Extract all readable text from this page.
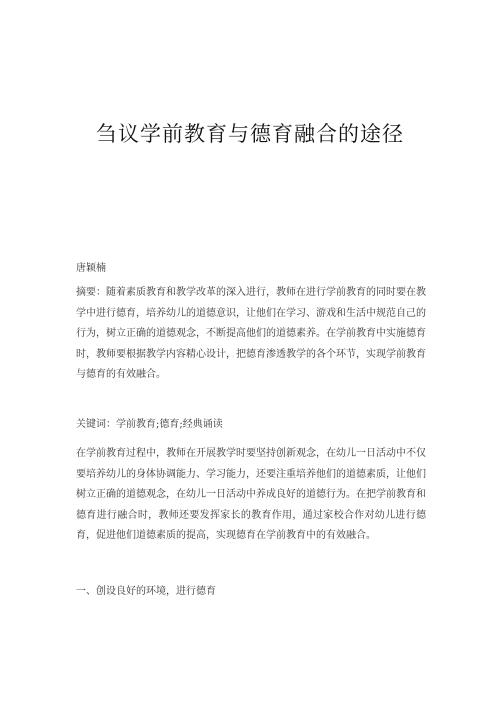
刍议学前教育与德育融合的途径
唐颖楠

摘要：随着素质教育和教学改革的深入进行，教师在进行学前教育的同时要在教学中进行德育，培养幼儿的道德意识，让他们在学习、游戏和生活中规范自己的行为，树立正确的道德观念，不断提高他们的道德素养。在学前教育中实施德育时，教师要根据教学内容精心设计，把德育渗透教学的各个环节，实现学前教育与德育的有效融合。

关键词：学前教育;德育;经典诵读

在学前教育过程中，教师在开展教学时要坚持创新观念，在幼儿一日活动中不仅要培养幼儿的身体协调能力、学习能力，还要注重培养他们的道德素质，让他们树立正确的道德观念，在幼儿一日活动中养成良好的道德行为。在把学前教育和德育进行融合时，教师还要发挥家长的教育作用，通过家校合作对幼儿进行德育，促进他们道德素质的提高，实现德育在学前教育中的有效融合。

一、创设良好的环境，进行德育
